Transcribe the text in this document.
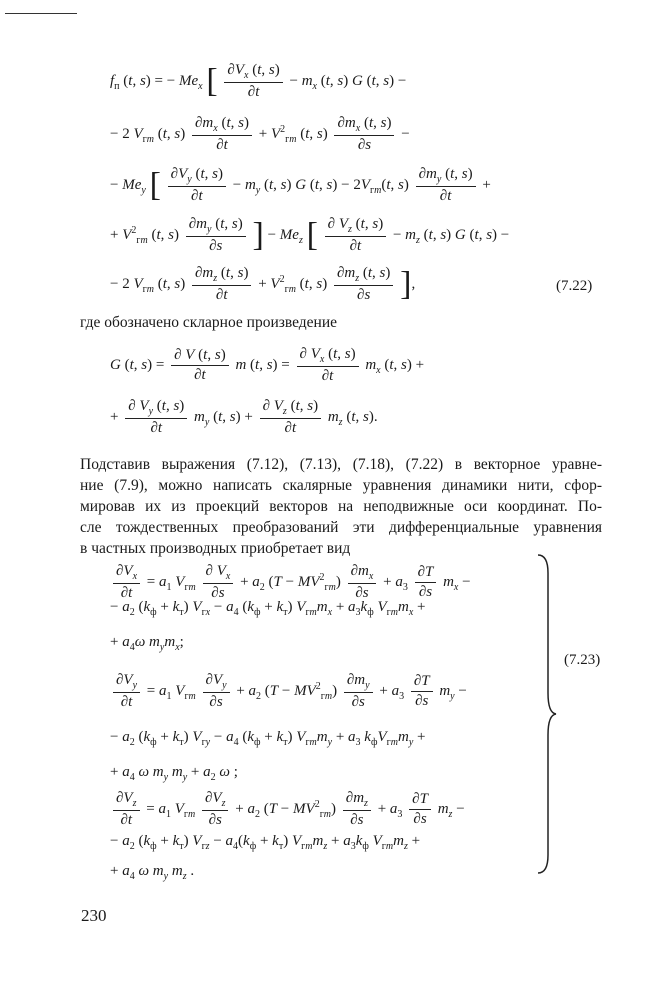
$f_п$ (t, s) = − $Me_x$ [ $\frac{\partial V_x (t, s)}{\partial t} - m_x$ (t, s) G (t, s) −
− 2 $V_{гm}$ (t, $s) \frac{\partial m_x (t, s)}{\partial t} + V^2_{гm}$ (t, $s) \frac{\partial m_x (t, s)}{\partial s}$ −
− $Me_y$ [ $\frac{\partial V_y (t, s)}{\partial t} - m_y$ (t, s) G (t, $s) - 2V_{гm}(t$, $s) \frac{\partial m_y (t, s)}{\partial t}$ +
+ $V^2_{гm}$ (t, $s) \frac{\partial m_y (t, s)}{\partial s}$ ] − $Me_z$ [ $\frac{\partial V_z (t, s)}{\partial t} - m_z$ (t, s) G (t, s) −
− 2 $V_{гm}$ (t, $s) \frac{\partial m_z (t, s)}{\partial t} + V^2_{гm}$ (t, $s) \frac{\partial m_z (t, s)}{\partial s}$ ],	(7.22)
где обозначено скларное произведение
G (t, $s) = \frac{\partial V (t, s)}{\partial t}$ m (t, $s) = \frac{\partial V_x (t, s)}{\partial t} m_x$ (t, s) +
+ $\frac{\partial V_y (t, s)}{\partial t} m_y$ (t, $s) + \frac{\partial V_z (t, s)}{\partial t} m_z$ (t, s).
Подставив выражения (7.12), (7.13), (7.18), (7.22) в векторное уравне-
ние (7.9), можно написать скалярные уравнения динамики нити, сфор-
мировав их из проекций векторов на неподвижные оси координат. По-
сле тождественных преобразований эти дифференциальные уравнения
в частных производных приобретает вид
$\frac{\partial V_x}{\partial t} = a_1$ $V_{гm} \frac{\partial V_x}{\partial s} + a_2$ $(T - MV^2_{гm}) \frac{\partial m_x}{\partial s} + a_3 \frac{\partial T}{\partial s} m_x$ −
− $a_2$ $(k_ф + k_т) V_{гx} - a_4$ $(k_ф + k_т) V_{гm}m_x + a_3k_ф$ $V_{гm}m_x$ +
+ $a_4\omega$ $m_ym_x$;
$\frac{\partial V_y}{\partial t} = a_1$ $V_{гm} \frac{\partial V_y}{\partial s} + a_2$ $(T - MV^2_{гm}) \frac{\partial m_y}{\partial s} + a_3 \frac{\partial T}{\partial s} m_y$ −
− $a_2$ $(k_ф + k_т) V_{гy} - a_4$ $(k_ф + k_т) V_{гm}m_y + a_3$ $k_фV_{гm}m_y$ +
+ $a_4$ ω $m_y$ $m_y + a_2$ ω ;
$\frac{\partial V_z}{\partial t} = a_1$ $V_{гm} \frac{\partial V_z}{\partial s} + a_2$ $(T - MV^2_{гm}) \frac{\partial m_z}{\partial s} + a_3 \frac{\partial T}{\partial s} m_z$ −
− $a_2$ $(k_ф + k_т) V_{гz} - a_4(k_ф + k_т) V_{гm}m_z + a_3k_ф$ $V_{гm}m_z$ +
+ $a_4$ ω $m_y$ $m_z$ .
(7.23)
230
